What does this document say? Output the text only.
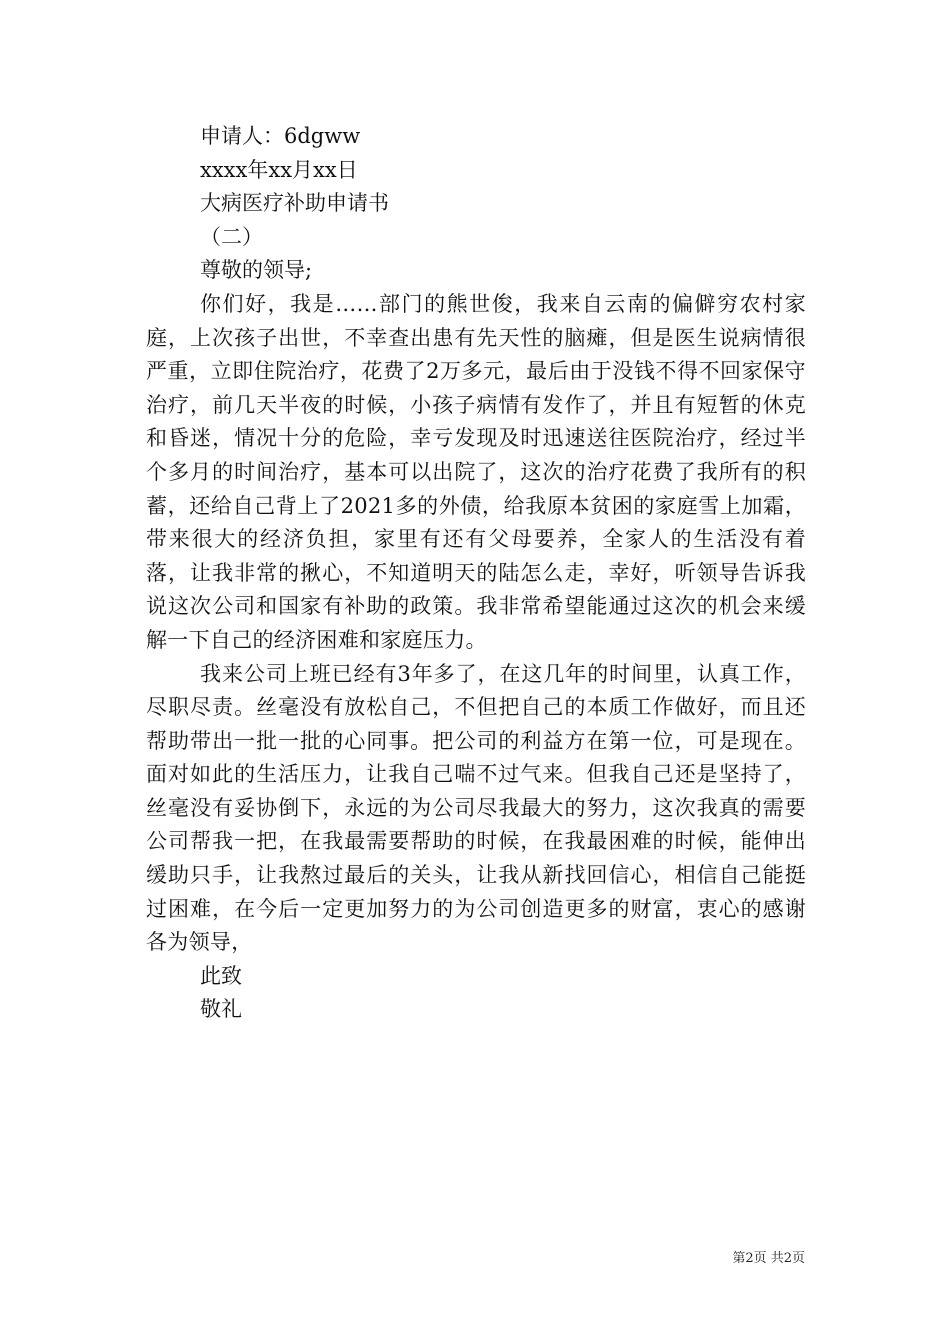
申请人：6dgww

xxxx年xx月xx日

大病医疗补助申请书

（二）

尊敬的领导;

你们好，我是……部门的熊世俊，我来自云南的偏僻穷农村家庭，上次孩子出世，不幸查出患有先天性的脑瘫，但是医生说病情很严重，立即住院治疗，花费了2万多元，最后由于没钱不得不回家保守治疗，前几天半夜的时候，小孩子病情有发作了，并且有短暂的休克和昏迷，情况十分的危险，幸亏发现及时迅速送往医院治疗，经过半个多月的时间治疗，基本可以出院了，这次的治疗花费了我所有的积蓄，还给自己背上了2021多的外债，给我原本贫困的家庭雪上加霜，带来很大的经济负担，家里有还有父母要养，全家人的生活没有着落，让我非常的揪心，不知道明天的陆怎么走，幸好，听领导告诉我说这次公司和国家有补助的政策。我非常希望能通过这次的机会来缓解一下自己的经济困难和家庭压力。

我来公司上班已经有3年多了，在这几年的时间里，认真工作，尽职尽责。丝毫没有放松自己，不但把自己的本质工作做好，而且还帮助带出一批一批的心同事。把公司的利益方在第一位，可是现在。面对如此的生活压力，让我自己喘不过气来。但我自己还是坚持了，丝毫没有妥协倒下，永远的为公司尽我最大的努力，这次我真的需要公司帮我一把，在我最需要帮助的时候，在我最困难的时候，能伸出缓助只手，让我熬过最后的关头，让我从新找回信心，相信自己能挺过困难，在今后一定更加努力的为公司创造更多的财富，衷心的感谢各为领导，

此致

敬礼

第2页 共2页
